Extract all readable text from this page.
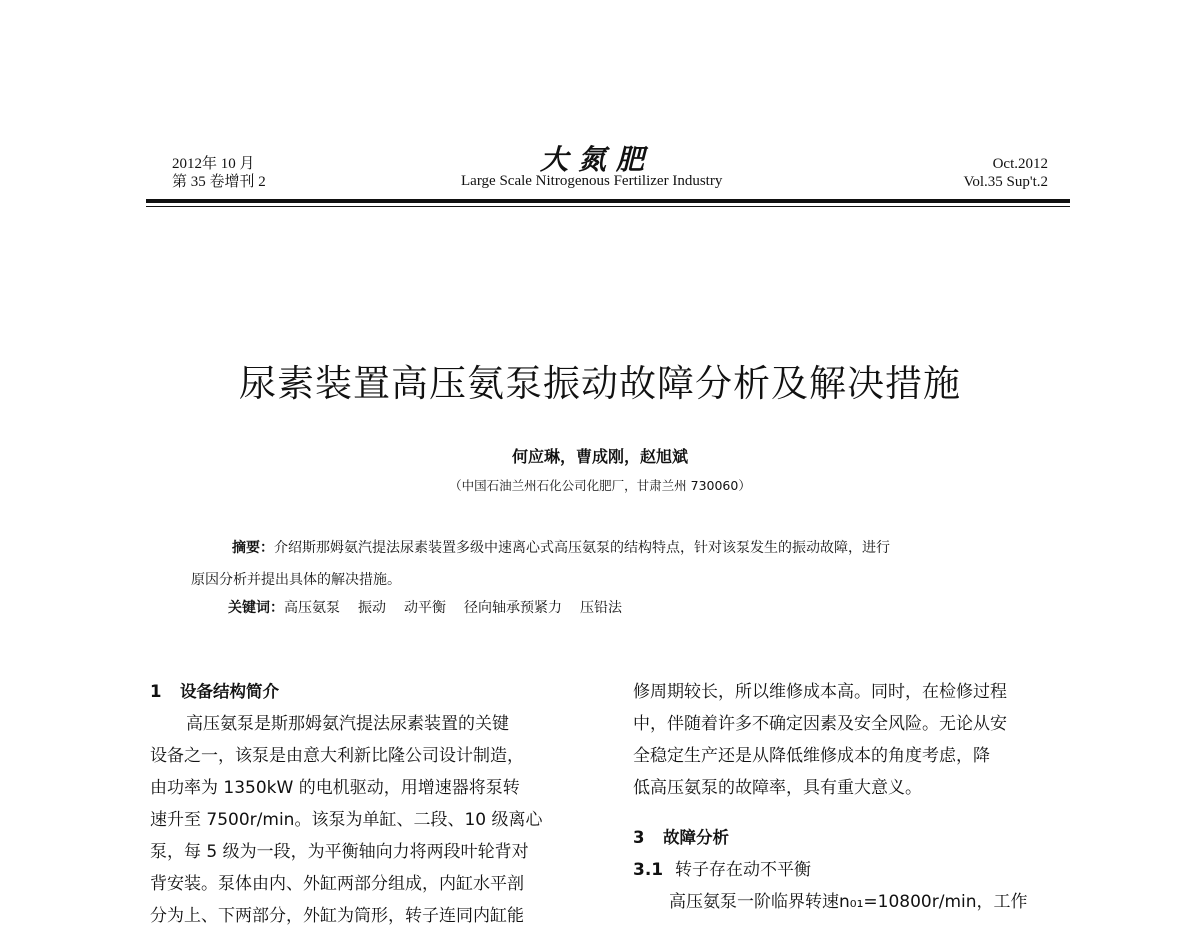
2012年 10 月
第 35 卷增刊 2
大氮肥
Large Scale Nitrogenous Fertilizer Industry
Oct.2012
Vol.35 Sup't.2
尿素装置高压氨泵振动故障分析及解决措施
何应琳，曹成刚，赵旭斌
（中国石油兰州石化公司化肥厂，甘肃兰州 730060）
摘要：介绍斯那姆氨汽提法尿素装置多级中速离心式高压氨泵的结构特点，针对该泵发生的振动故障，进行
原因分析并提出具体的解决措施。
关键词：高压氨泵 振动 动平衡 径向轴承预紧力 压铅法
1 设备结构简介
高压氨泵是斯那姆氨汽提法尿素装置的关键
设备之一，该泵是由意大利新比隆公司设计制造，
由功率为 1350kW 的电机驱动，用增速器将泵转
速升至 7500r/min。该泵为单缸、二段、10 级离心
泵，每 5 级为一段，为平衡轴向力将两段叶轮背对
背安装。泵体由内、外缸两部分组成，内缸水平剖
分为上、下两部分，外缸为筒形，转子连同内缸能
修周期较长，所以维修成本高。同时，在检修过程
中，伴随着许多不确定因素及安全风险。无论从安
全稳定生产还是从降低维修成本的角度考虑，降
低高压氨泵的故障率，具有重大意义。
3 故障分析
3.1 转子存在动不平衡
高压氨泵一阶临界转速n₀₁=10800r/min，工作
